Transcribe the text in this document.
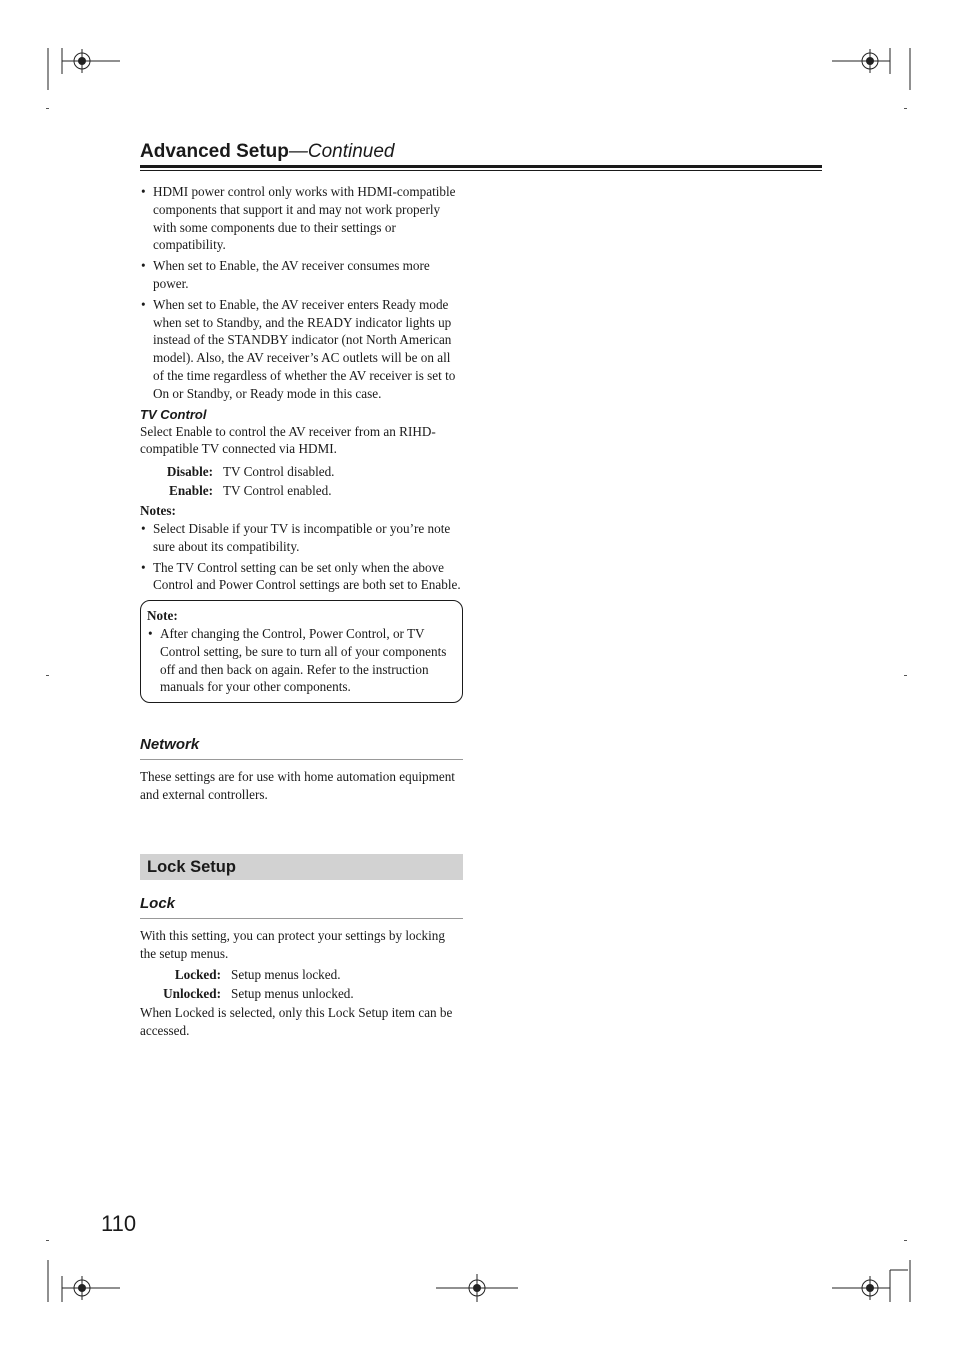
Advanced Setup—Continued
• HDMI power control only works with HDMI-compatible components that support it and may not work properly with some components due to their settings or compatibility.
• When set to Enable, the AV receiver consumes more power.
• When set to Enable, the AV receiver enters Ready mode when set to Standby, and the READY indicator lights up instead of the STANDBY indicator (not North American model). Also, the AV receiver’s AC outlets will be on all of the time regardless of whether the AV receiver is set to On or Standby, or Ready mode in this case.
TV Control

Select Enable to control the AV receiver from an RIHD-compatible TV connected via HDMI.

Disable: TV Control disabled.
Enable: TV Control enabled.
Notes:
• Select Disable if your TV is incompatible or you’re note sure about its compatibility.
• The TV Control setting can be set only when the above Control and Power Control settings are both set to Enable.
Note:
• After changing the Control, Power Control, or TV Control setting, be sure to turn all of your components off and then back on again. Refer to the instruction manuals for your other components.
Network

These settings are for use with home automation equipment and external controllers.

Lock Setup
Lock

With this setting, you can protect your settings by locking the setup menus.

Locked: Setup menus locked.
Unlocked: Setup menus unlocked.

When Locked is selected, only this Lock Setup item can be accessed.

110
